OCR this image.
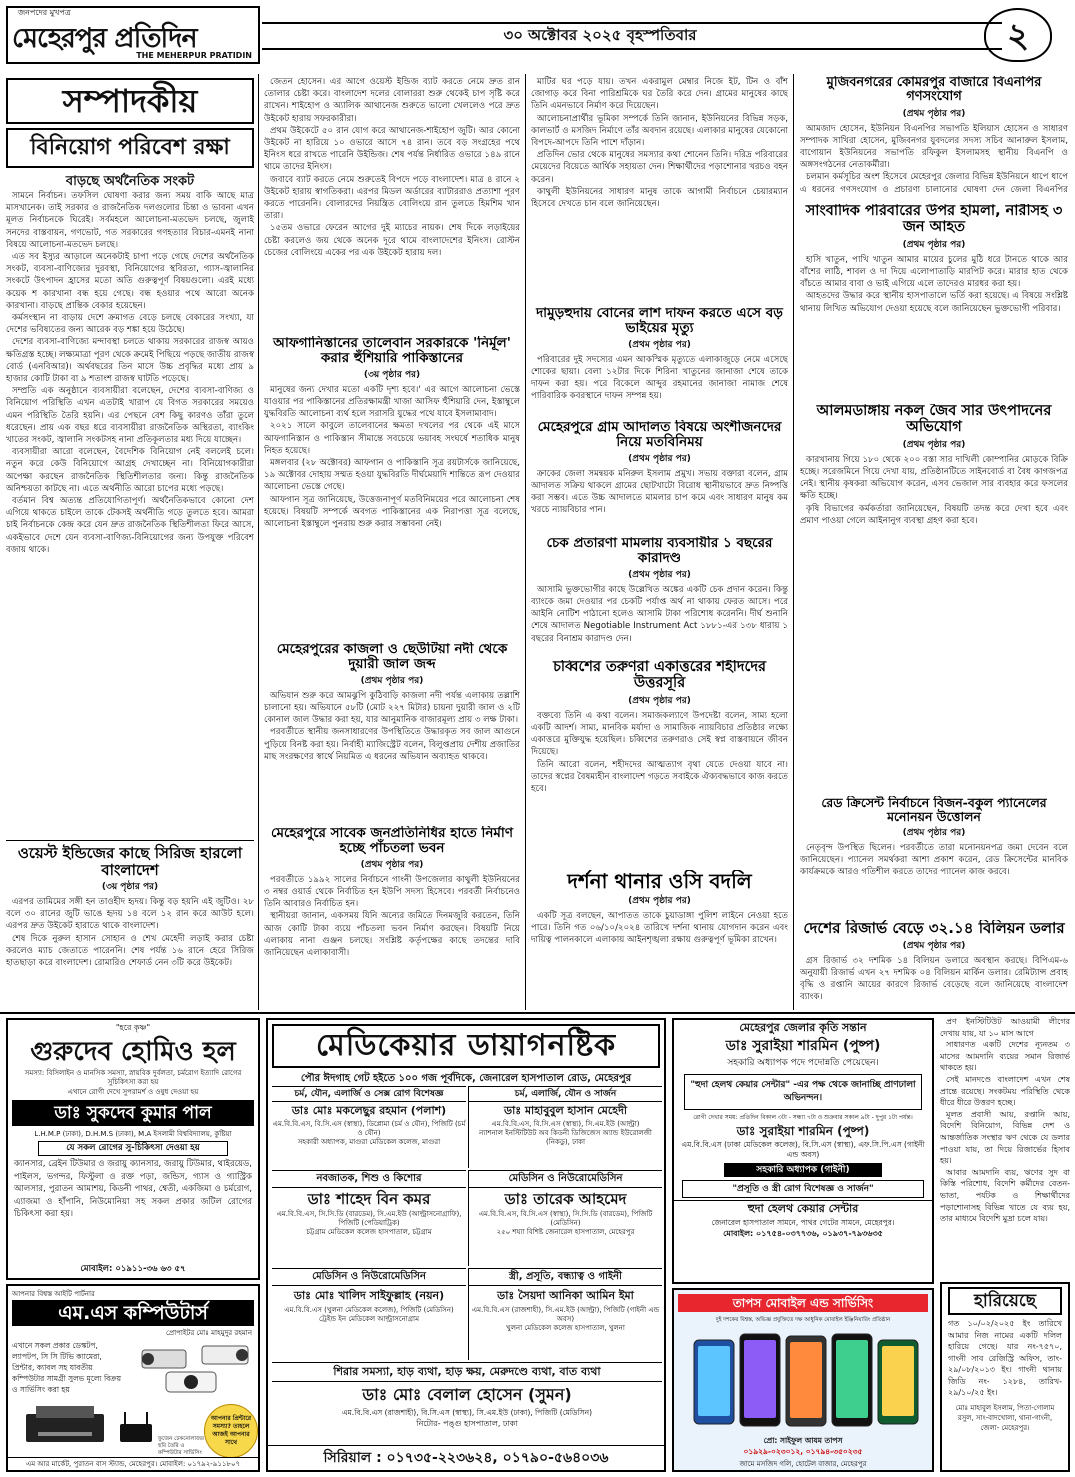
জনপদের মুখপত্র
মেহেরপুর প্রতিদিন
THE MEHERPUR PRATIDIN
৩০ অক্টোবর ২০২৫ বৃহস্পতিবার	২
সম্পাদকীয়
বিনিয়োগ পরিবেশ রক্ষা
বাড়ছে অর্থনৈতিক সংকট

সামনে নির্বাচন। তফসিল ঘোষণা করার জন্য সময় বাকি আছে মাত্র মাসখানেক। তাই সরকার ও রাজনৈতিক দলগুলোর চিন্তা ও ভাবনা এখন মূলত নির্বাচনকে ঘিরেই। সর্বমহলে আলোচনা-মতভেদ চলছে, জুলাই সনদের বাস্তবায়ন, গণভোট, গত সরকারের গণহত্যার বিচার-এমনই নানা বিষয়ে আলোচনা-মতভেদ চলছে।

এত সব ইস্যুর আড়ালে অনেকটাই চাপা পড়ে গেছে দেশের অর্থনৈতিক সংকট, ব্যবসা-বাণিজ্যের দুরবস্থা, বিনিয়োগের স্থবিরতা, গ্যাস-জ্বালানির সংকটে উৎপাদন হ্রাসের মতো অতি গুরুত্বপূর্ণ বিষয়গুলো। এরই মধ্যে কয়েক শ কারখানা বন্ধ হয়ে গেছে। বন্ধ হওয়ার পথে আরো অনেক কারখানা। বাড়ছে প্রান্তিক বেকার হয়েছেন।

কর্মসংস্থান না বাড়ায় দেশে ক্রমাগত বেড়ে চলছে বেকারের সংখ্যা, যা দেশের ভবিষ্যতের জন্য আরেক বড় শঙ্কা হয়ে উঠেছে।

দেশের ব্যবসা-বাণিজ্যে মন্দাবস্থা চলতে থাকায় সরকারের রাজস্ব আয়ও ক্ষতিগ্রস্ত হচ্ছে। লক্ষ্যমাত্রা পূরণ থেকে ক্রমেই পিছিয়ে পড়ছে জাতীয় রাজস্ব বোর্ড (এনবিআর)। অর্থবছরের তিন মাসে উচ্চ প্রবৃদ্ধির মধ্যে প্রায় ৯ হাজার কোটি টাকা বা ৯ শতাংশ রাজস্ব ঘাটতি পড়েছে।

সম্প্রতি এক অনুষ্ঠানে ব্যবসায়ীরা বলেছেন, দেশের ব্যবসা-বাণিজ্য ও বিনিয়োগ পরিস্থিতি এখন এতটাই খারাপ যে বিগত সরকারের সময়েও এমন পরিস্থিতি তৈরি হয়নি। এর পেছনে বেশ কিছু কারণও তাঁরা তুলে ধরেছেন। প্রায় এক বছর ধরে ব্যবসায়ীরা রাজনৈতিক অস্থিরতা, ব্যাংকিং খাতের সংকট, জ্বালানি সংকটসহ নানা প্রতিকূলতার মধ্য দিয়ে যাচ্ছেন।

ব্যবসায়ীরা আরো বলেছেন, বৈদেশিক বিনিয়োগ নেই বললেই চলে। নতুন করে কেউ বিনিয়োগে আগ্রহ দেখাচ্ছেন না। বিনিয়োগকারীরা অপেক্ষা করছেন রাজনৈতিক স্থিতিশীলতার জন্য। কিন্তু রাজনৈতিক অনিশ্চয়তা কাটছে না। এতে অর্থনীতি আরো চাপের মধ্যে পড়ছে।

বর্তমান বিশ্ব অত্যন্ত প্রতিযোগিতাপূর্ণ। অর্থনৈতিকভাবে কোনো দেশ এগিয়ে থাকতে চাইলে তাকে টেকসই অর্থনীতি গড়ে তুলতে হবে। আমরা চাই নির্বাচনকে কেন্দ্র করে যেন দ্রুত রাজনৈতিক স্থিতিশীলতা ফিরে আসে, একইভাবে দেশে যেন ব্যবসা-বাণিজ্য-বিনিয়োগের জন্য উপযুক্ত পরিবেশ বজায় থাকে।

জেতন হোসেন। এর আগে ওয়েস্ট ইন্ডিজ ব্যাট করতে নেমে দ্রুত রান তোলার চেষ্টা করে। বাংলাদেশ দলের বোলাররা শুরু থেকেই চাপ সৃষ্টি করে রাখেন। শাইহোপ ও অ্যালিক আথানেজ শুরুতে ভালো খেললেও পরে দ্রুত উইকেট হারায় সফরকারীরা।

প্রথম উইকেটে ৫০ রান যোগ করে আথানেজ-শাইহোপ জুটি। আর কোনো উইকেট না হারিয়ে ১০ ওভারে আসে ৭৪ রান। তবে বড় সংগ্রহের পথে ইনিংস ধরে রাখতে পারেনি উইন্ডিজ। শেষ পর্যন্ত নির্ধারিত ওভারে ১৪৯ রানে থামে তাদের ইনিংস।

জবাবে ব্যাট করতে নেমে শুরুতেই বিপদে পড়ে বাংলাদেশ। মাত্র ৪ রানে ২ উইকেট হারায় স্বাগতিকরা। এরপর মিডল অর্ডারের ব্যাটাররাও প্রত্যাশা পূরণ করতে পারেননি। বোলারদের নিয়ন্ত্রিত বোলিংয়ে রান তুলতে হিমশিম খান তারা।

১৫তম ওভারে ফেরেন আগের দুই ম্যাচের নায়ক। শেষ দিকে লড়াইয়ের চেষ্টা করলেও জয় থেকে অনেক দূরে থামে বাংলাদেশের ইনিংস। রোস্টন চেজের বোলিংয়ে একের পর এক উইকেট হারায় দল।

আফগানিস্তানের তালেবান সরকারকে 'নির্মূল' করার হুঁশিয়ারি পাকিস্তানের
(৩য় পৃষ্ঠার পর)

মানুষের জন্য দেখার মতো একটি দৃশ্য হবে।' এর আগে আলোচনা ভেস্তে যাওয়ার পর পাকিস্তানের প্রতিরক্ষামন্ত্রী খাজা আসিফ হুঁশিয়ারি দেন, ইস্তাম্বুলে যুদ্ধবিরতি আলোচনা ব্যর্থ হলে সরাসরি যুদ্ধের পথে যাবে ইসলামাবাদ।

২০২১ সালে কাবুলে তালেবানের ক্ষমতা দখলের পর থেকে এই মাসে আফগানিস্তান ও পাকিস্তান সীমান্তে সবচেয়ে ভয়াবহ সংঘর্ষে শতাধিক মানুষ নিহত হয়েছে।

মঙ্গলবার (২৮ অক্টোবর) আফগান ও পাকিস্তানি সূত্র রয়টার্সকে জানিয়েছে, ১৯ অক্টোবর দোহায় সম্মত হওয়া যুদ্ধবিরতি দীর্ঘমেয়াদি শান্তিতে রূপ দেওয়ার আলোচনা ভেস্তে গেছে।

আফগান সূত্র জানিয়েছে, উত্তেজনাপূর্ণ মতবিনিময়ের পরে আলোচনা শেষ হয়েছে। বিষয়টি সম্পর্কে অবগত পাকিস্তানের এক নিরাপত্তা সূত্র বলেছে, আলোচনা ইস্তাম্বুলে পুনরায় শুরু করার সম্ভাবনা নেই।

মেহেরপুরের কাজলা ও ছেউটিয়া নদী থেকে দুয়ারী জাল জব্দ
(প্রথম পৃষ্ঠার পর)

অভিযান শুরু করে আমঝুপি কুঠিবাড়ি কাজলা নদী পর্যন্ত এলাকায় তল্লাশি চালানো হয়। অভিযানে ৫৮টি (মোট ২২৭ মিটার) চায়না দুয়ারী জাল ও ২টি কোনাল জাল উদ্ধার করা হয়, যার আনুমানিক বাজারমূল্য প্রায় ৩ লক্ষ টাকা।

পরবর্তীতে স্থানীয় জনসাধারণের উপস্থিতিতে উদ্ধারকৃত সব জাল আগুনে পুড়িয়ে বিনষ্ট করা হয়। নির্বাহী ম্যাজিস্ট্রেট বলেন, বিলুপ্তপ্রায় দেশীয় প্রজাতির মাছ সংরক্ষণের স্বার্থে নিয়মিত এ ধরনের অভিযান অব্যাহত থাকবে।

মেহেরপুরে সাবেক জনপ্রতিনিধির হাতে নির্মাণ হচ্ছে পাঁচতলা ভবন
(প্রথম পৃষ্ঠার পর)

পরবর্তীতে ১৯৯২ সালের নির্বাচনে গাংনী উপজেলার কাথুলী ইউনিয়নের ৩ নম্বর ওয়ার্ড থেকে নির্বাচিত হন ইউপি সদস্য হিসেবে। পরবর্তী নির্বাচনেও তিনি আবারও নির্বাচিত হন।

স্থানীয়রা জানান, একসময় যিনি অন্যের জমিতে দিনমজুরি করতেন, তিনি আজ কোটি টাকা ব্যয়ে পাঁচতলা ভবন নির্মাণ করছেন। বিষয়টি নিয়ে এলাকায় নানা গুঞ্জন চলছে। সংশ্লিষ্ট কর্তৃপক্ষের কাছে তদন্তের দাবি জানিয়েছেন এলাকাবাসী।

ওয়েস্ট ইন্ডিজের কাছে সিরিজ হারলো বাংলাদেশ
(৩য় পৃষ্ঠার পর)

এরপর তামিমের সঙ্গী হন তাওহীদ হৃদয়। কিন্তু বড় হয়নি এই জুটিও। ২৮ বলে ৩০ রানের জুটি ভাঙে হৃদয় ১৪ বলে ১২ রান করে আউট হলে। এরপর দ্রুত উইকেট হারাতে থাকে বাংলাদেশ।

শেষ দিকে নুরুল হাসান সোহান ও শেখ মেহেদী লড়াই করার চেষ্টা করলেও ম্যাচ জেতাতে পারেননি। শেষ পর্যন্ত ১৬ রানে হেরে সিরিজ হাতছাড়া করে বাংলাদেশ। রোমারিও শেফার্ড নেন ৩টি করে উইকেট।

মাটির ঘর পড়ে যায়। তখন একরামুল মেম্বার নিজে ইট, টিন ও বাঁশ জোগাড় করে বিনা পারিশ্রমিকে ঘর তৈরি করে দেন। গ্রামের মানুষের কাছে তিনি এমনভাবে নির্মাণ করে দিয়েছেন।

আলোচনাপ্রার্থীর ভূমিকা সম্পর্কে তিনি জানান, ইউনিয়নের বিভিন্ন সড়ক, কালভার্ট ও মসজিদ নির্মাণে তাঁর অবদান রয়েছে। এলাকার মানুষের যেকোনো বিপদে-আপদে তিনি পাশে দাঁড়ান।

প্রতিদিন ভোর থেকে মানুষের সমস্যার কথা শোনেন তিনি। দরিদ্র পরিবারের মেয়েদের বিয়েতে আর্থিক সহায়তা দেন। শিক্ষার্থীদের পড়াশোনার খরচও বহন করেন।

কাথুলী ইউনিয়নের সাধারণ মানুষ তাকে আগামী নির্বাচনে চেয়ারম্যান হিসেবে দেখতে চান বলে জানিয়েছেন।

দামুড়হুদায় বোনের লাশ দাফন করতে এসে বড় ভাইয়ের মৃত্যু
(প্রথম পৃষ্ঠার পর)

পরিবারের দুই সদস্যের এমন আকস্মিক মৃত্যুতে এলাকাজুড়ে নেমে এসেছে শোকের ছায়া। বেলা ১২টার দিকে শিরিনা খাতুনের জানাজা শেষে তাকে দাফন করা হয়। পরে বিকেলে আব্দুর রহমানের জানাজা নামাজ শেষে পারিবারিক কবরস্থানে দাফন সম্পন্ন হয়।

মেহেরপুরে গ্রাম আদালত বিষয়ে অংশীজনদের নিয়ে মতবিনিময়
(প্রথম পৃষ্ঠার পর)

ক্রাকের জেলা সমন্বয়ক মনিরুল ইসলাম প্রমুখ। সভায় বক্তারা বলেন, গ্রাম আদালত সক্রিয় থাকলে গ্রামের ছোটখাটো বিরোধ স্থানীয়ভাবে দ্রুত নিষ্পত্তি করা সম্ভব। এতে উচ্চ আদালতে মামলার চাপ কমে এবং সাধারণ মানুষ কম খরচে ন্যায়বিচার পান।

চেক প্রতারণা মামলায় ব্যবসায়ীর ১ বছরের কারাদণ্ড
(প্রথম পৃষ্ঠার পর)

আসামি ভুক্তভোগীর কাছে উল্লেখিত অঙ্কের একটি চেক প্রদান করেন। কিন্তু ব্যাংকে জমা দেওয়ার পর চেকটি পর্যাপ্ত অর্থ না থাকায় ফেরত আসে। পরে আইনি নোটিশ পাঠানো হলেও আসামি টাকা পরিশোধ করেননি। দীর্ঘ শুনানি শেষে আদালত Negotiable Instrument Act ১৮৮১-এর ১৩৮ ধারায় ১ বছরের বিনাশ্রম কারাদণ্ড দেন।

চব্বিশের তরুণরা একাত্তরের শহীদদের উত্তরসূরি
(প্রথম পৃষ্ঠার পর)

বক্তব্যে তিনি এ কথা বলেন। সমাজকল্যাণে উপদেষ্টা বলেন, সাম্য হলো একটি আদর্শ। সাম্য, মানবিক মর্যাদা ও সামাজিক ন্যায়বিচার প্রতিষ্ঠার লক্ষ্যে একাত্তরে মুক্তিযুদ্ধ হয়েছিল। চব্বিশের তরুণরাও সেই স্বপ্ন বাস্তবায়নে জীবন দিয়েছে।

তিনি আরো বলেন, শহীদদের আত্মত্যাগ বৃথা যেতে দেওয়া যাবে না। তাদের স্বপ্নের বৈষম্যহীন বাংলাদেশ গড়তে সবাইকে ঐক্যবদ্ধভাবে কাজ করতে হবে।

দর্শনা থানার ওসি বদলি
(প্রথম পৃষ্ঠার পর)

একটি সূত্র বলছেন, আপাতত তাকে চুয়াডাঙ্গা পুলিশ লাইনে নেওয়া হতে পারে। তিনি গত ০৬/১০/২০২৪ তারিখে দর্শনা থানায় যোগদান করেন এবং দায়িত্ব পালনকালে এলাকায় আইনশৃঙ্খলা রক্ষায় গুরুত্বপূর্ণ ভূমিকা রাখেন।

মুজিবনগরের কোমরপুর বাজারে বিএনপির গণসংযোগ
(প্রথম পৃষ্ঠার পর)

আমজাদ হোসেন, ইউনিয়ন বিএনপির সভাপতি ইলিয়াস হোসেন ও সাধারণ সম্পাদক সাখিরা হোসেন, মুজিবনগর যুবদলের সদস্য সচিব আনারুল ইসলাম, বাগোয়ান ইউনিয়নের সভাপতি রফিকুল ইসলামসহ স্থানীয় বিএনপি ও অঙ্গসংগঠনের নেতাকর্মীরা।

চলমান কর্মসূচির অংশ হিসেবে মেহেরপুর জেলার বিভিন্ন ইউনিয়নে ধাপে ধাপে এ ধরনের গণসংযোগ ও প্রচারণা চালানোর ঘোষণা দেন জেলা বিএনপির

সাংবাদিক পরিবারের উপর হামলা, নারীসহ ৩ জন আহত
(প্রথম পৃষ্ঠার পর)

হাসি খাতুন, পাখি খাতুন আমার মায়ের চুলের মুঠি ধরে টানতে থাকে আর বাঁশের লাঠি, শাবল ও দা দিয়ে এলোপাতাড়ি মারপিট করে। মারার হাত থেকে বাঁচতে আমার বাবা ও ভাই এগিয়ে এলে তাদেরও মারধর করা হয়।

আহতদের উদ্ধার করে স্থানীয় হাসপাতালে ভর্তি করা হয়েছে। এ বিষয়ে সংশ্লিষ্ট থানায় লিখিত অভিযোগ দেওয়া হয়েছে বলে জানিয়েছেন ভুক্তভোগী পরিবার।

আলমডাঙ্গায় নকল জৈব সার উৎপাদনের অভিযোগ
(প্রথম পৃষ্ঠার পর)

কারখানায় গিয়ে ১৮০ থেকে ২০০ বস্তা সার দাখিলী কোম্পানির মোড়কে বিক্রি হচ্ছে। সরেজমিনে গিয়ে দেখা যায়, প্রতিষ্ঠানটিতে সাইনবোর্ড বা বৈধ কাগজপত্র নেই। স্থানীয় কৃষকরা অভিযোগ করেন, এসব ভেজাল সার ব্যবহার করে ফসলের ক্ষতি হচ্ছে।

কৃষি বিভাগের কর্মকর্তারা জানিয়েছেন, বিষয়টি তদন্ত করে দেখা হবে এবং প্রমাণ পাওয়া গেলে আইনানুগ ব্যবস্থা গ্রহণ করা হবে।

রেড ক্রিসেন্ট নির্বাচনে বিজন-বকুল প্যানেলের মনোনয়ন উত্তোলন
(প্রথম পৃষ্ঠার পর)

নেতৃবৃন্দ উপস্থিত ছিলেন। পরবর্তীতে তারা মনোনয়নপত্র জমা দেবেন বলে জানিয়েছেন। প্যানেল সমর্থকরা আশা প্রকাশ করেন, রেড ক্রিসেন্টের মানবিক কার্যক্রমকে আরও গতিশীল করতে তাদের প্যানেল কাজ করবে।

দেশের রিজার্ভ বেড়ে ৩২.১৪ বিলিয়ন ডলার
(প্রথম পৃষ্ঠার পর)

গ্রস রিজার্ভ ৩২ দশমিক ১৪ বিলিয়ন ডলারে অবস্থান করছে। বিপিএম-৬ অনুযায়ী রিজার্ভ এখন ২৭ দশমিক ০৪ বিলিয়ন মার্কিন ডলার। রেমিট্যান্স প্রবাহ বৃদ্ধি ও রপ্তানি আয়ের কারণে রিজার্ভ বেড়েছে বলে জানিয়েছে বাংলাদেশ ব্যাংক।

"হরে কৃষ্ণ"
গুরুদেব হোমিও হল
সমস্যা: বিসিলাইন ও মানসিক সমস্যা, স্নায়বিক দুর্বলতা, চর্মরোগ ইত্যাদি রোগের সুচিকিৎসা করা হয়
এখানে রোগী দেখে সুপরামর্শ ও ওষুধ দেওয়া হয়
ডাঃ সুকদেব কুমার পাল
L.H.M.P (ঢাকা), D.H.M.S (ঢাকা), M.A ইসলামী বিশ্ববিদ্যালয়, কুষ্টিয়া
যে সকল রোগের সু-চিকিৎসা দেওয়া হয়
ক্যানসার, ব্রেইন টিউমার ও জরায়ু ক্যানসার, জরায়ু টিউমার, থাইরয়েড, পাইলস, ভগন্দর, ফিস্টুলা ও রক্ত পড়া, জন্ডিস, গ্যাস ও গ্যাস্ট্রিক আলসার, পুরাতন আমাশয়, কিডনী পাথর, শ্বেতী, একজিমা ও চর্মরোগ, এ্যাজমা ও হাঁপানি, নিউমোনিয়া সহ সকল প্রকার জটিল রোগের চিকিৎসা করা হয়।
মোবাইল: ০১৯১১-৩৬ ৬৩ ৫৭
আপনার বিশ্বস্ত আইটি পার্টনার
এম.এস কম্পিউটার্স
প্রোপাইটর মোঃ মাহমুদুর রহমান
এখানে সকল প্রকার ডেস্কটপ, ল্যাপটপ, সি সি টিভি ক্যামেরা, প্রিন্টার, ক্যাবল সহ যাবতীয় কম্পিউটার সামগ্রী সুলভ মূল্যে বিক্রয় ও সার্ভিসিং করা হয়
আপনার প্রিন্টারে সমস্যা? তাহলে আজই আপনার সাথে
ফুজেন টেকনোলজির ছবি তৈরি ও কম্পিউটার সার্ভিসিং
এম আর মার্কেট, পুরাতন বাস স্ট্যান্ড, মেহেরপুর। মোবাইল: ০১৭৯২-৯১১৮০৭
মেডিকেয়ার ডায়াগনষ্টিক
পৌর ঈদগাহ গেট হইতে ১০০ গজ পূর্বদিকে, জেনারেল হাসপাতাল রোড, মেহেরপুর
চর্ম, যৌন, এলার্জি ও সেক্স রোগ বিশেষজ্ঞ
ডাঃ মোঃ মকলেছুর রহমান (পলাশ)
এম.বি.বি.এস, বি.সি.এস (স্বাস্থ্য), ডিপ্লোমা (চর্ম ও যৌন), পিজিটি (চর্ম ও যৌন)
সহকারী অধ্যাপক, মাগুরা মেডিকেল কলেজ, মাগুরা
চর্ম, এলার্জি, যৌন ও সার্জন
ডাঃ মাহাবুবুল হাসান মেহেদী
এম.বি.বি.এস, বি.সি.এস (স্বাস্থ্য), সি.এম.ইউ (আল্ট্রা)
ন্যাশনাল ইনস্টিটিউট অব কিডনী ডিজিজেস অ্যান্ড ইউরোলজী (নিকডু), ঢাকা
নবজাতক, শিশু ও কিশোর
ডাঃ শাহেদ বিন কমর
এম.বি.বি.এস, সি.সি.ডি (বারডেম), সি.এম.ইউ (আল্ট্রাসনোগ্রাফি), পিজিটি (পেডিয়াট্রিক)
চট্টগ্রাম মেডিকেল কলেজ হাসপাতাল, চট্টগ্রাম
মেডিসিন ও নিউরোমেডিসিন
ডাঃ তারেক আহমেদ
এম.বি.বি.এস, বি.সি.এস (স্বাস্থ্য), সি.সি.ডি (বারডেম), পিজিটি (মেডিসিন)
২৫০ শয্যা বিশিষ্ট জেনারেল হাসপাতাল, মেহেরপুর
মেডিসিন ও নিউরোমেডিসিন
ডাঃ মোঃ খালিদ সাইফুল্লাহ (নয়ন)
এম.বি.বি.এস (খুলনা মেডিকেল কলেজ), পিজিটি (মেডিসিন)
ট্রেইন্ড ইন মেডিকেল আল্ট্রাসনোগ্রাম
স্ত্রী, প্রসূতি, বন্ধ্যাত্ব ও গাইনী
ডাঃ সৈয়দা আনিকা আমিন ইমা
এম.বি.বি.এস (রাজশাহী), সি.এম.ইউ (আল্ট্রা), পিজিটি (গাইনী এন্ড অবস)
খুলনা মেডিকেল কলেজ হাসপাতাল, খুলনা
শিরার সমস্যা, হাড় ব্যথা, হাড় ক্ষয়, মেরুদণ্ডে ব্যথা, বাত ব্যথা
ডাঃ মোঃ বেলাল হোসেন (সুমন)
এম.বি.বি.এস (রাজশাহী), বি.সি.এস (স্বাস্থ্য), সি.এম.ইউ (ঢাকা), পিজিটি (মেডিসিন)
নিটোর- পঙ্গু হাসপাতাল, ঢাকা
সিরিয়াল : ০১৭৩৫-২২৩৬২৪, ০১৭৯০-৫৬৪০৩৬
মেহেরপুর জেলার কৃতি সন্তান
ডাঃ সুরাইয়া শারমিন (পুষ্প)
সহকারি অধ্যাপক পদে পদোন্নতি পেয়েছেন।
"হুদা হেলথ কেয়ার সেন্টার" -এর পক্ষ থেকে জানাচ্ছি প্রাণঢালা অভিনন্দন।
রোগী দেখার সময়: প্রতিদিন বিকাল ৩টা - সন্ধ্যা ৭টা ও শুক্রবার সকাল ৯টা - দুপুর ১টা পর্যন্ত।
ডাঃ সুরাইয়া শারমিন (পুষ্প)
এম.বি.বি.এস (ঢাকা মেডিকেল কলেজ), বি.সি.এস (স্বাস্থ্য), এফ.সি.পি.এস (গাইনী এন্ড অবস)
সহকারি অধ্যাপক (গাইনী)
"প্রসূতি ও স্ত্রী রোগ বিশেষজ্ঞ ও সার্জন"
হুদা হেলথ কেয়ার সেন্টার
জেনারেল হাসপাতাল সামনে, পাথর গেটের সামনে, মেহেরপুর।
মোবাইল: ০১৭৫৪-০৩৭৭৩৬, ০১৯৩৭-৭৯৩৬৩৫
তাপস মোবাইল এন্ড সার্ভিসিং
দুই দশকের বিশ্বস্ত, অভিজ্ঞ প্রযুক্তিতে দক্ষ আধুনিক মোবাইল ইঞ্জিনিয়ারিং প্রতিষ্ঠান
প্রো: সাইফুল আযম তাপস
০১৯২৯-০২৩০১২, ০১৭৯৪-৩৫০২৩৫
জামে মসজিদ গলি, হোটেল বাজার, মেহেরপুর

প্রণ ইনস্টিটিউট আওয়ামী লীগের দেখায় যায়, যা ১০ মাস আগে

সাধারণত একটি দেশের ন্যূনতম ৩ মাসের আমদানি ব্যয়ের সমান রিজার্ভ থাকতে হয়।

সেই মানদণ্ডে বাংলাদেশ এখন শেষ প্রান্তে রয়েছে। সংকটময় পরিস্থিতি থেকে ধীরে ধীরে উত্তরণ হচ্ছে।

মূলত প্রবাসী আয়, রপ্তানি আয়, বিদেশি বিনিয়োগ, বিভিন্ন দেশ ও আন্তর্জাতিক সংস্থার ঋণ থেকে যে ডলার পাওয়া যায়, তা দিয়ে রিজার্ভের হিসাব হয়।

আবার আমদানি ব্যয়, ঋণের সুদ বা কিস্তি পরিশোধ, বিদেশি কর্মীদের বেতন-ভাতা, পর্যটক ও শিক্ষার্থীদের পড়াশোনাসহ বিভিন্ন খাতে যে ব্যয় হয়, তার মাধ্যমে বিদেশি মুদ্রা চলে যায়।

হারিয়েছে
গত ১০/০২/২০২৫ ইং তারিখে আমার নিজ নামের একটি দলিল হারিয়ে গেছে। যার নং-৭৫৭০, গাংনী সাব রেজিস্ট্রি অফিস, তাং- ২৯/০৮/২০১৩ ইং। গাংনী থানায় জিডি নং- ১২৮৪, তারিখ- ২৯/১০/২৫ ইং।
মোঃ মাহাবুল ইসলাম, পিতা-গোলাম রসুল, সাং-বাদখোলা, থানা-গাংনী, জেলা- মেহেরপুর।
